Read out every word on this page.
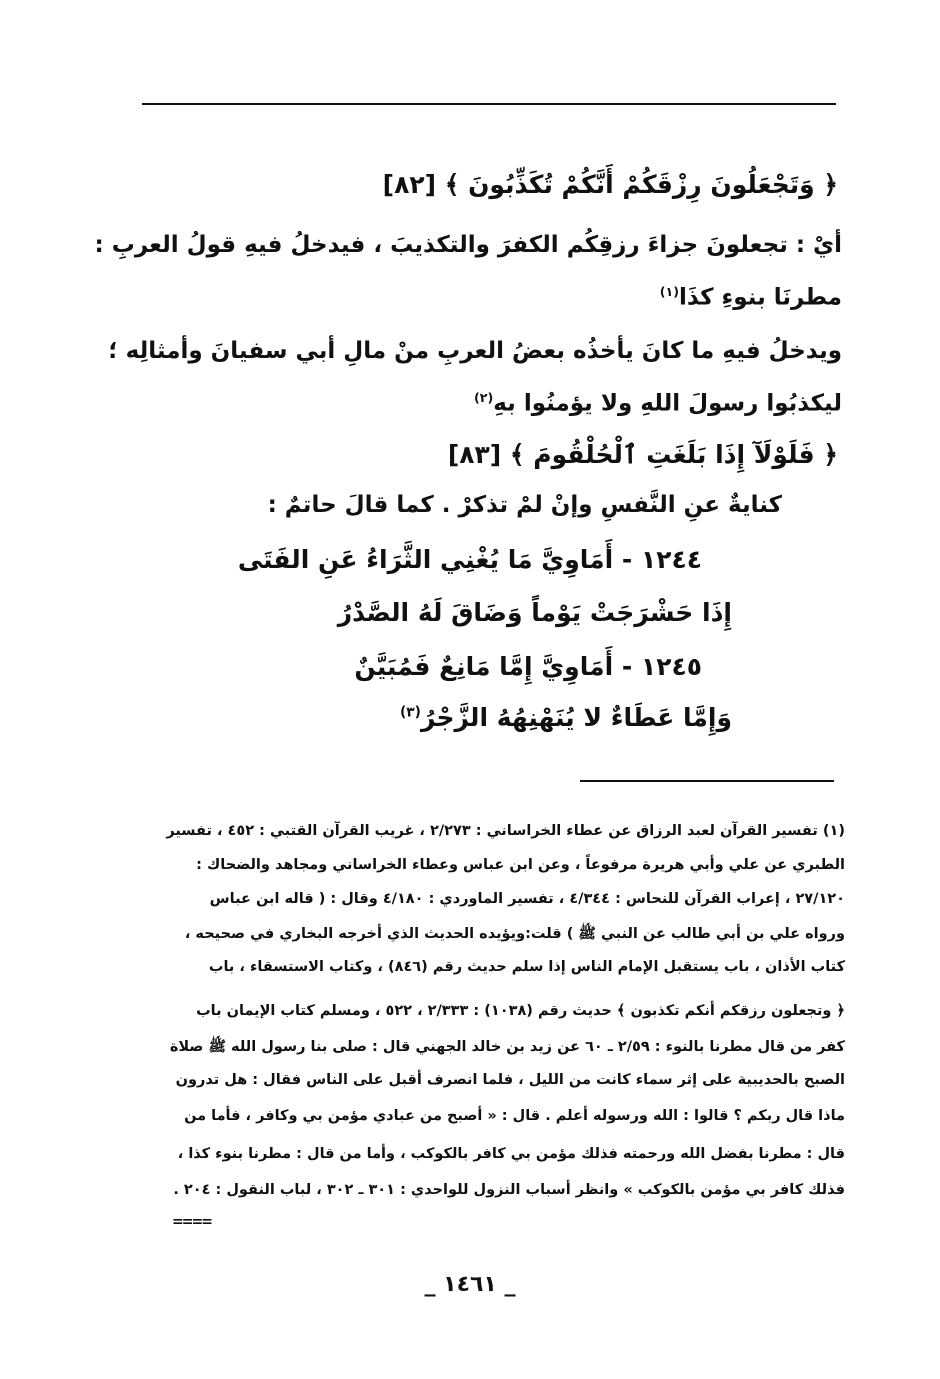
﴿ وَتَجْعَلُونَ رِزْقَكُمْ أَنَّكُمْ تُكَذِّبُونَ ﴾ [٨٢]
أيْ : تجعلونَ جزاءَ رزقِكُم الكفرَ والتكذيبَ ، فيدخلُ فيهِ قولُ العربِ :
مطرنَا بنوءِ كذَا$^{(١)}$
ويدخلُ فيهِ ما كانَ يأخذُه بعضُ العربِ منْ مالِ أبي سفيانَ وأمثالِه ؛
ليكذبُوا رسولَ اللهِ ولا يؤمنُوا بهِ$^{(٢)}$
﴿ فَلَوْلَآ إِذَا بَلَغَتِ ٱلْحُلْقُومَ ﴾ [٨٣]
كنايةٌ عنِ النَّفسِ وإنْ لمْ تذكرْ . كما قالَ حاتمٌ :
١٢٤٤ - أَمَاوِيَّ مَا يُغْنِي الثَّرَاءُ عَنِ الفَتَى
إِذَا حَشْرَجَتْ يَوْماً وَضَاقَ لَهُ الصَّدْرُ
١٢٤٥ - أَمَاوِيَّ إِمَّا مَانِعٌ فَمُبَيَّنٌ
وَإِمَّا عَطَاءٌ لا يُنَهْنِهُهُ الزَّجْرُ$^{(٣)}$
(١) تفسير القرآن لعبد الرزاق عن عطاء الخراساني : ٢/٢٧٣ ، غريب القرآن القتبي : ٤٥٢ ، تفسير
الطبري عن علي وأبي هريرة مرفوعاً ، وعن ابن عباس وعطاء الخراساني ومجاهد والضحاك :
٢٧/١٢٠ ، إعراب القرآن للنحاس : ٤/٣٤٤ ، تفسير الماوردي : ٤/١٨٠ وقال : ( قاله ابن عباس
ورواه علي بن أبي طالب عن النبي ﷺ ) قلت:ويؤيده الحديث الذي أخرجه البخاري في صحيحه ،
كتاب الأذان ، باب يستقبل الإمام الناس إذا سلم حديث رقم (٨٤٦) ، وكتاب الاستسقاء ، باب
﴿ وتجعلون رزقكم أنكم تكذبون ﴾ حديث رقم (١٠٣٨) : ٢/٣٣٣ ، ٥٢٢ ، ومسلم كتاب الإيمان باب
كفر من قال مطرنا بالنوء : ٢/٥٩ ـ ٦٠ عن زيد بن خالد الجهني قال : صلى بنا رسول الله ﷺ صلاة
الصبح بالحديبية على إثر سماء كانت من الليل ، فلما انصرف أقبل على الناس فقال : هل تدرون
ماذا قال ربكم ؟ قالوا : الله ورسوله أعلم . قال : « أصبح من عبادي مؤمن بي وكافر ، فأما من
قال : مطرنا بفضل الله ورحمته فذلك مؤمن بي كافر بالكوكب ، وأما من قال : مطرنا بنوء كذا ،
فذلك كافر بي مؤمن بالكوكب » وانظر أسباب النزول للواحدي : ٣٠١ ـ ٣٠٢ ، لباب النقول : ٢٠٤ .
====
_ ١٤٦١ _
